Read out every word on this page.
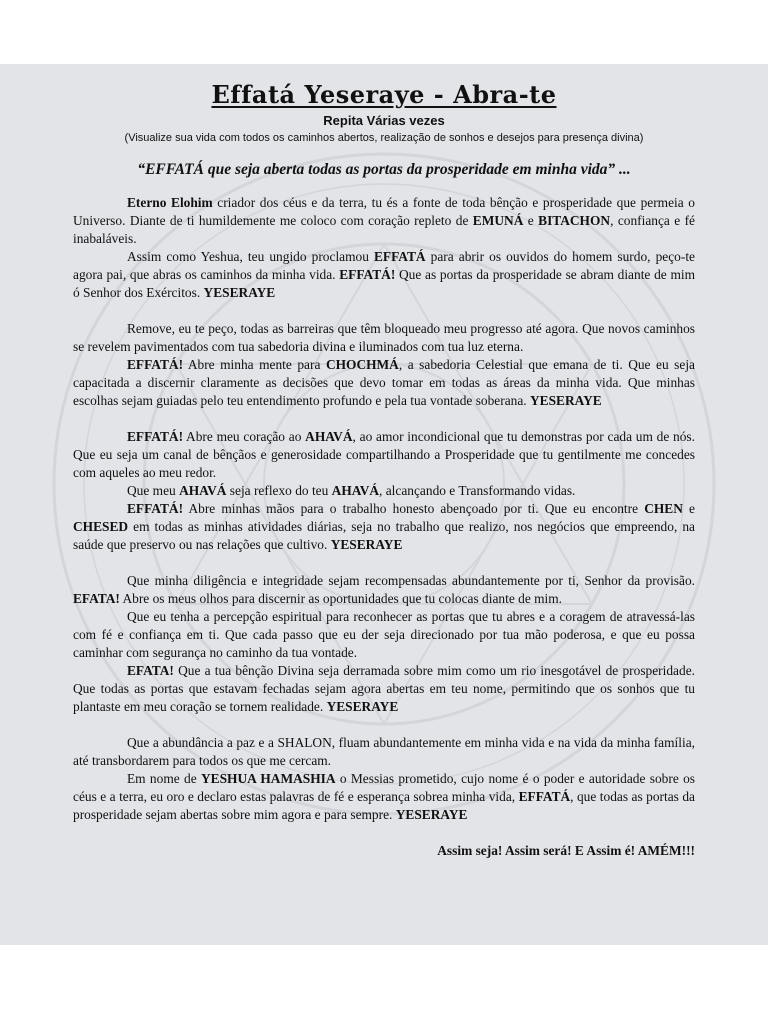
Effatá Yeseraye - Abra-te
Repita Várias vezes
(Visualize sua vida com todos os caminhos abertos, realização de sonhos e desejos para presença divina)
“EFFATÁ que seja aberta todas as portas da prosperidade em minha vida” ...

Eterno Elohim criador dos céus e da terra, tu és a fonte de toda bênção e prosperidade que permeia o Universo. Diante de ti humildemente me coloco com coração repleto de EMUNÁ e BITACHON, confiança e fé inabaláveis.

Assim como Yeshua, teu ungido proclamou EFFATÁ para abrir os ouvidos do homem surdo, peço-te agora pai, que abras os caminhos da minha vida. EFFATÁ! Que as portas da prosperidade se abram diante de mim ó Senhor dos Exércitos. YESERAYE

Remove, eu te peço, todas as barreiras que têm bloqueado meu progresso até agora. Que novos caminhos se revelem pavimentados com tua sabedoria divina e iluminados com tua luz eterna.

EFFATÁ! Abre minha mente para CHOCHMÁ, a sabedoria Celestial que emana de ti. Que eu seja capacitada a discernir claramente as decisões que devo tomar em todas as áreas da minha vida. Que minhas escolhas sejam guiadas pelo teu entendimento profundo e pela tua vontade soberana. YESERAYE

EFFATÁ! Abre meu coração ao AHAVÁ, ao amor incondicional que tu demonstras por cada um de nós. Que eu seja um canal de bênçãos e generosidade compartilhando a Prosperidade que tu gentilmente me concedes com aqueles ao meu redor.

Que meu AHAVÁ seja reflexo do teu AHAVÁ, alcançando e Transformando vidas.

EFFATÁ! Abre minhas mãos para o trabalho honesto abençoado por ti. Que eu encontre CHEN e CHESED em todas as minhas atividades diárias, seja no trabalho que realizo, nos negócios que empreendo, na saúde que preservo ou nas relações que cultivo. YESERAYE

Que minha diligência e integridade sejam recompensadas abundantemente por ti, Senhor da provisão. EFATA! Abre os meus olhos para discernir as oportunidades que tu colocas diante de mim.

Que eu tenha a percepção espiritual para reconhecer as portas que tu abres e a coragem de atravessá-las com fé e confiança em ti. Que cada passo que eu der seja direcionado por tua mão poderosa, e que eu possa caminhar com segurança no caminho da tua vontade.

EFATA! Que a tua bênção Divina seja derramada sobre mim como um rio inesgotável de prosperidade. Que todas as portas que estavam fechadas sejam agora abertas em teu nome, permitindo que os sonhos que tu plantaste em meu coração se tornem realidade. YESERAYE

Que a abundância a paz e a SHALON, fluam abundantemente em minha vida e na vida da minha família, até transbordarem para todos os que me cercam.

Em nome de YESHUA HAMASHIA o Messias prometido, cujo nome é o poder e autoridade sobre os céus e a terra, eu oro e declaro estas palavras de fé e esperança sobrea minha vida, EFFATÁ, que todas as portas da prosperidade sejam abertas sobre mim agora e para sempre. YESERAYE

Assim seja! Assim será! E Assim é! AMÉM!!!
